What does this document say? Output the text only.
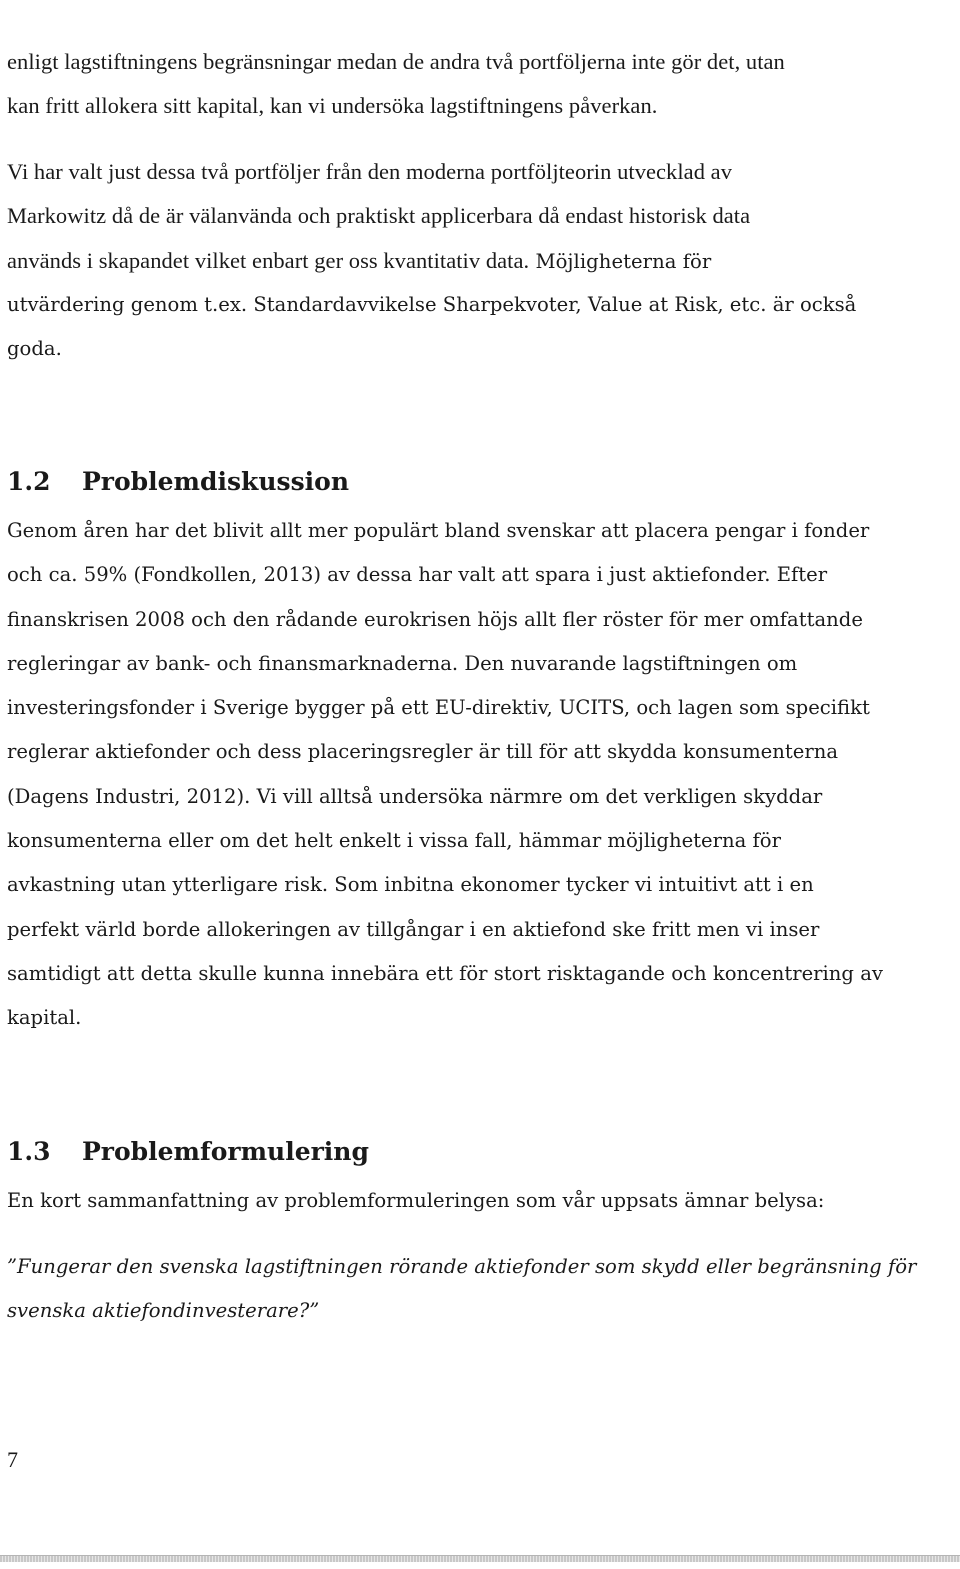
enligt lagstiftningens begränsningar medan de andra två portföljerna inte gör det, utan
kan fritt allokera sitt kapital, kan vi undersöka lagstiftningens påverkan.
Vi har valt just dessa två portföljer från den moderna portföljteorin utvecklad av
Markowitz då de är välanvända och praktiskt applicerbara då endast historisk data
används i skapandet vilket enbart ger oss kvantitativ data. Möjligheterna för
utvärdering genom t.ex. Standardavvikelse Sharpekvoter, Value at Risk, etc. är också
goda.
1.2 Problemdiskussion
Genom åren har det blivit allt mer populärt bland svenskar att placera pengar i fonder
och ca. 59% (Fondkollen, 2013) av dessa har valt att spara i just aktiefonder. Efter
finanskrisen 2008 och den rådande eurokrisen höjs allt fler röster för mer omfattande
regleringar av bank- och finansmarknaderna. Den nuvarande lagstiftningen om
investeringsfonder i Sverige bygger på ett EU-direktiv, UCITS, och lagen som specifikt
reglerar aktiefonder och dess placeringsregler är till för att skydda konsumenterna
(Dagens Industri, 2012). Vi vill alltså undersöka närmre om det verkligen skyddar
konsumenterna eller om det helt enkelt i vissa fall, hämmar möjligheterna för
avkastning utan ytterligare risk. Som inbitna ekonomer tycker vi intuitivt att i en
perfekt värld borde allokeringen av tillgångar i en aktiefond ske fritt men vi inser
samtidigt att detta skulle kunna innebära ett för stort risktagande och koncentrering av
kapital.
1.3 Problemformulering
En kort sammanfattning av problemformuleringen som vår uppsats ämnar belysa:
”Fungerar den svenska lagstiftningen rörande aktiefonder som skydd eller begränsning för
svenska aktiefondinvesterare?”
7
